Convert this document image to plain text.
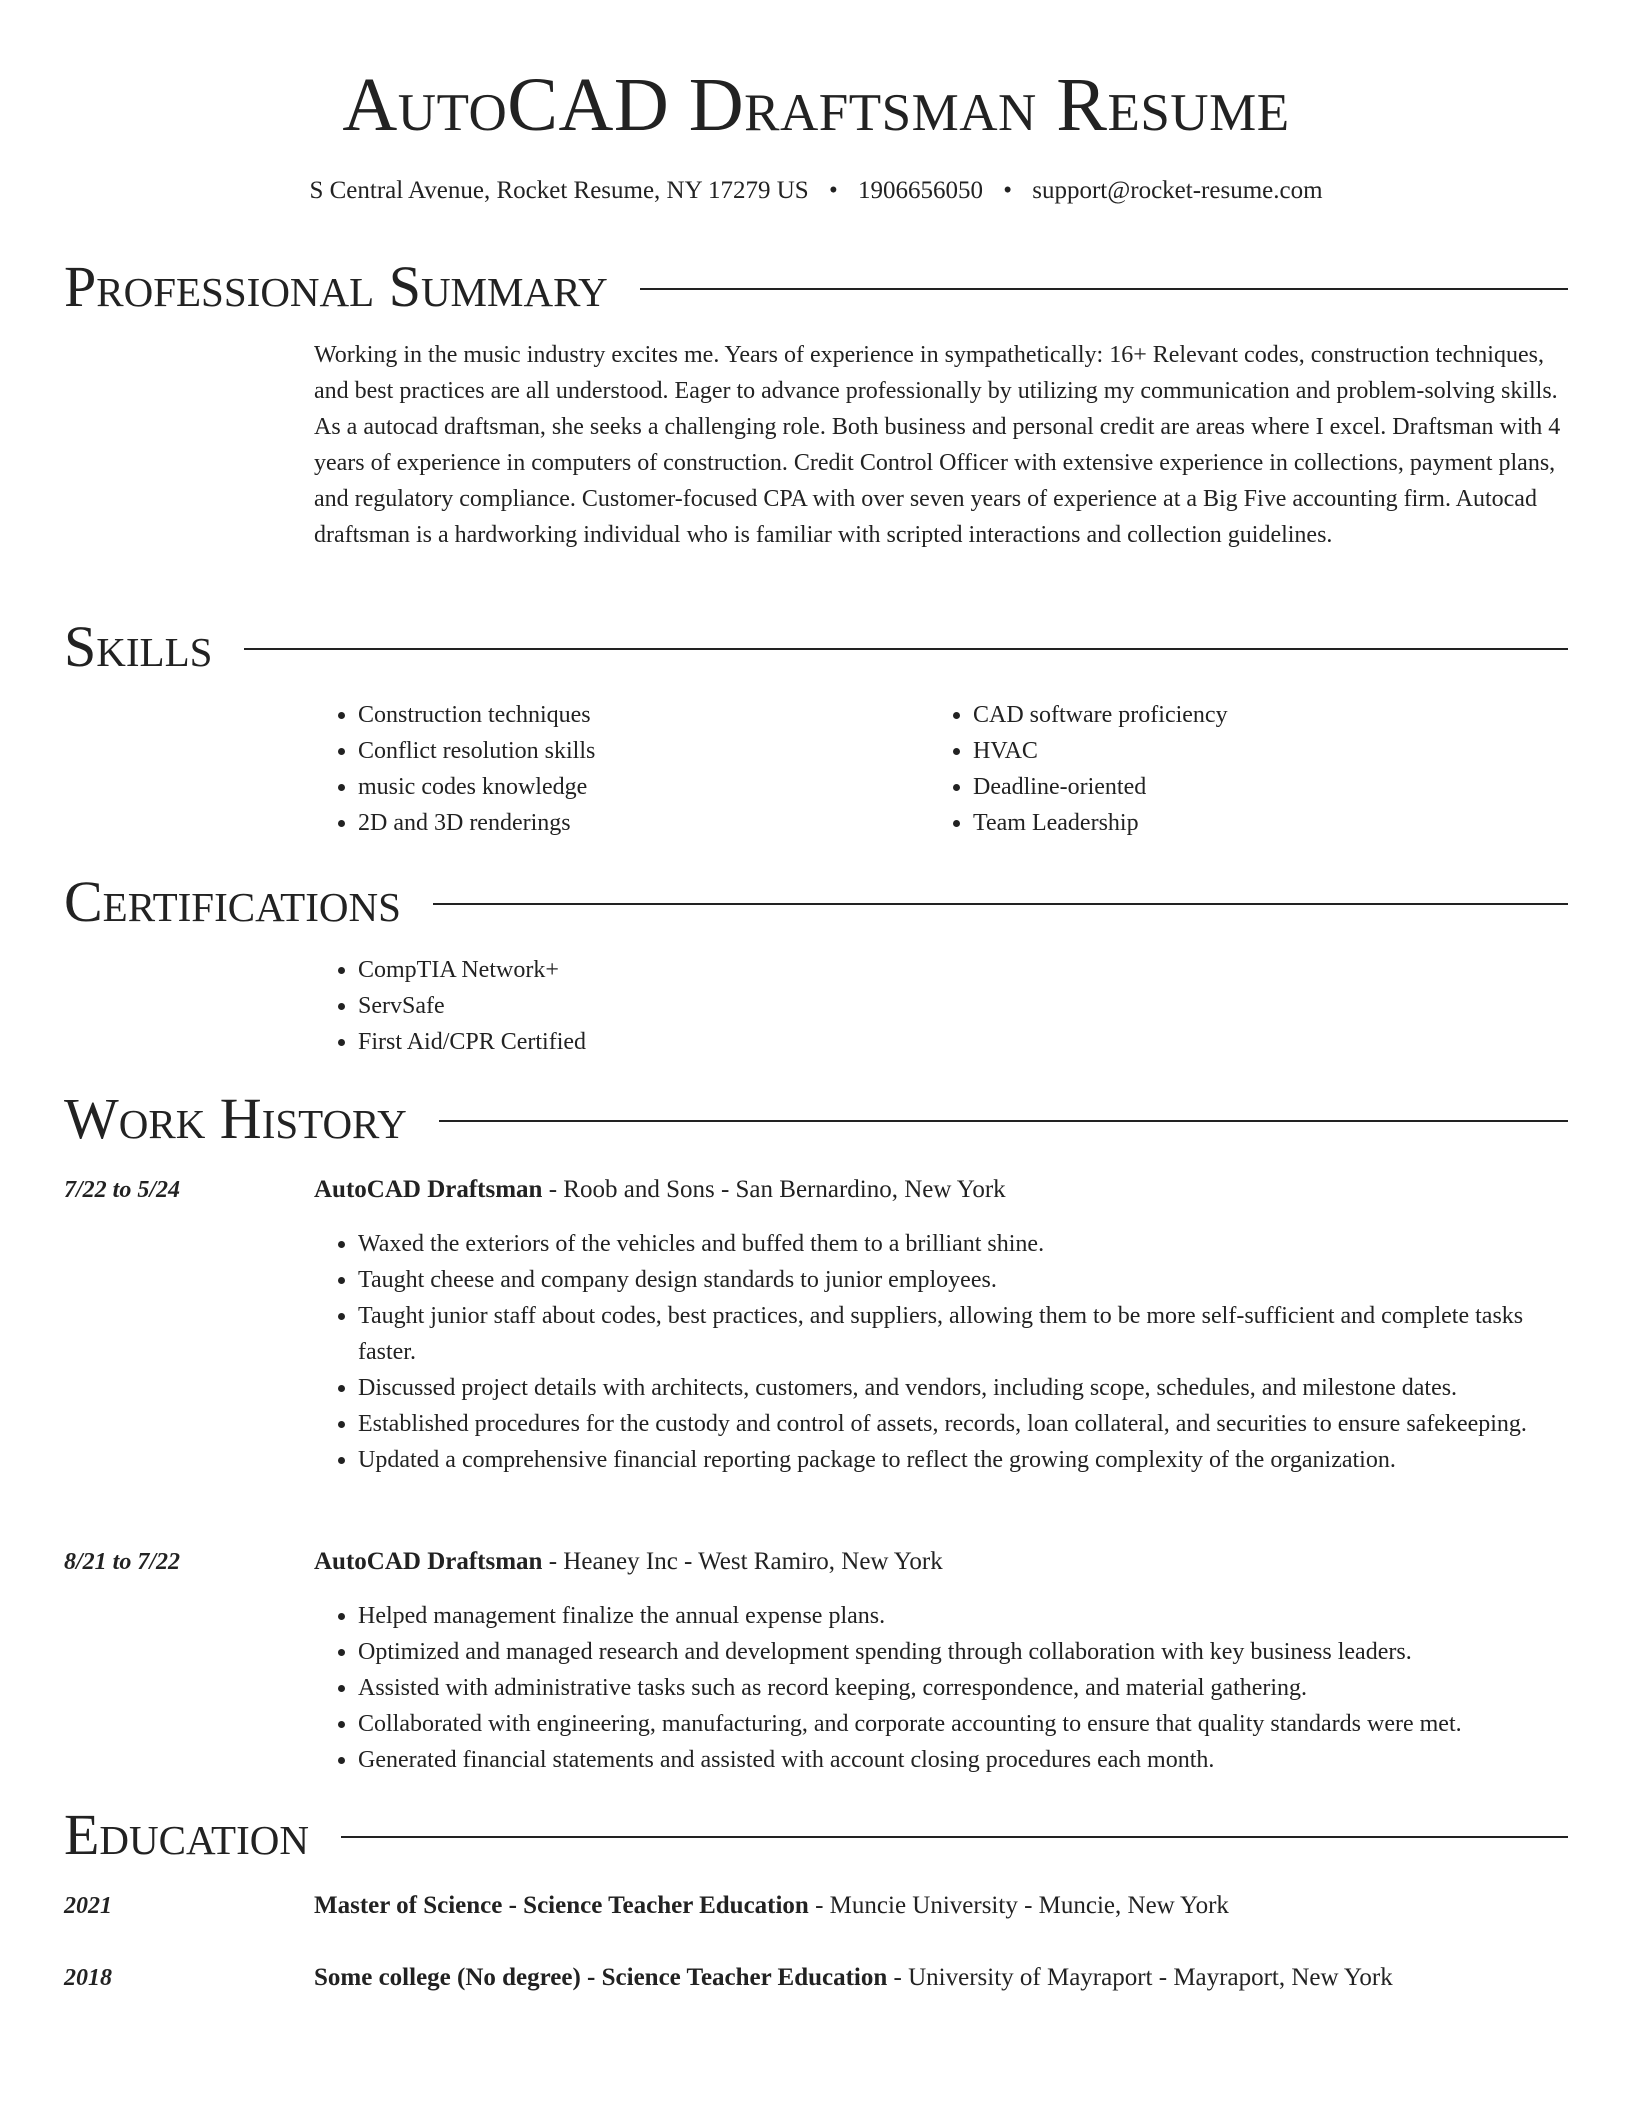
AutoCAD Draftsman Resume
S Central Avenue, Rocket Resume, NY 17279 US • 1906656050 • support@rocket-resume.com
Professional Summary
Working in the music industry excites me. Years of experience in sympathetically: 16+ Relevant codes, construction techniques, and best practices are all understood. Eager to advance professionally by utilizing my communication and problem-solving skills. As a autocad draftsman, she seeks a challenging role. Both business and personal credit are areas where I excel. Draftsman with 4 years of experience in computers of construction. Credit Control Officer with extensive experience in collections, payment plans, and regulatory compliance. Customer-focused CPA with over seven years of experience at a Big Five accounting firm. Autocad draftsman is a hardworking individual who is familiar with scripted interactions and collection guidelines.
Skills
• Construction techniques
• Conflict resolution skills
• music codes knowledge
• 2D and 3D renderings
• CAD software proficiency
• HVAC
• Deadline-oriented
• Team Leadership
Certifications
• CompTIA Network+
• ServSafe
• First Aid/CPR Certified
Work History
7/22 to 5/24	AutoCAD Draftsman - Roob and Sons - San Bernardino, New York
• Waxed the exteriors of the vehicles and buffed them to a brilliant shine.
• Taught cheese and company design standards to junior employees.
• Taught junior staff about codes, best practices, and suppliers, allowing them to be more self-sufficient and complete tasks faster.
• Discussed project details with architects, customers, and vendors, including scope, schedules, and milestone dates.
• Established procedures for the custody and control of assets, records, loan collateral, and securities to ensure safekeeping.
• Updated a comprehensive financial reporting package to reflect the growing complexity of the organization.
8/21 to 7/22	AutoCAD Draftsman - Heaney Inc - West Ramiro, New York
• Helped management finalize the annual expense plans.
• Optimized and managed research and development spending through collaboration with key business leaders.
• Assisted with administrative tasks such as record keeping, correspondence, and material gathering.
• Collaborated with engineering, manufacturing, and corporate accounting to ensure that quality standards were met.
• Generated financial statements and assisted with account closing procedures each month.
Education
2021	Master of Science - Science Teacher Education - Muncie University - Muncie, New York
2018	Some college (No degree) - Science Teacher Education - University of Mayraport - Mayraport, New York
